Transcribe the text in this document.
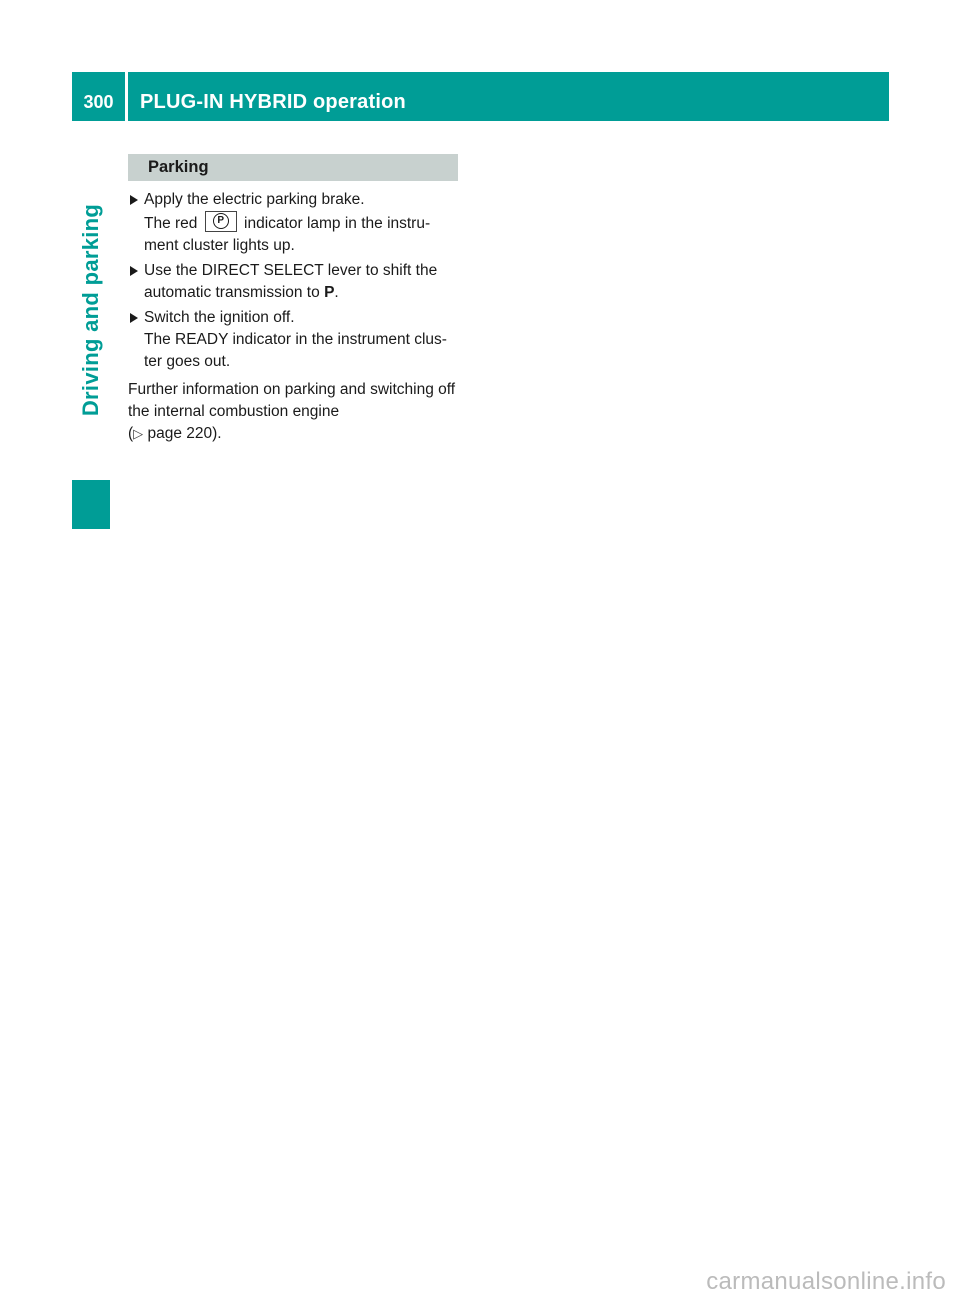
300	PLUG-IN HYBRID operation
Driving and parking
Parking
Apply the electric parking brake.
The red	P	indicator lamp in the instru-ment cluster lights up.
Use the DIRECT SELECT lever to shift the automatic transmission to P.
Switch the ignition off.
The READY indicator in the instrument clus-ter goes out.
Further information on parking and switching off the internal combustion engine
(▷ page 220).
carmanualsonline.info
